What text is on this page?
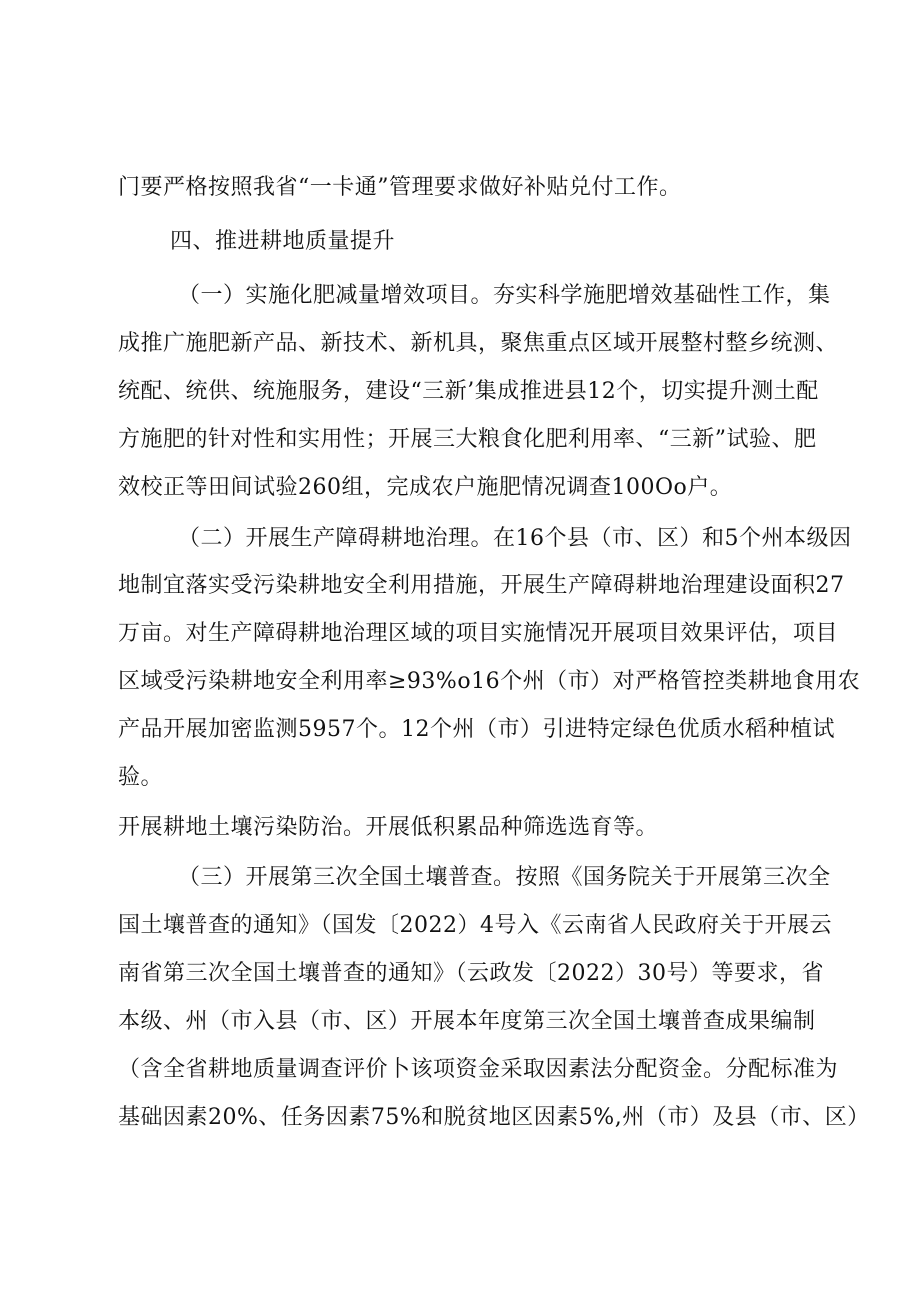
门要严格按照我省“一卡通”管理要求做好补贴兑付工作。
四、推进耕地质量提升
（一）实施化肥减量增效项目。夯实科学施肥增效基础性工作，集
成推广施肥新产品、新技术、新机具，聚焦重点区域开展整村整乡统测、
统配、统供、统施服务，建设“三新’集成推进县12个，切实提升测土配
方施肥的针对性和实用性；开展三大粮食化肥利用率、“三新”试验、肥
效校正等田间试验260组，完成农户施肥情况调查100Oo户。
（二）开展生产障碍耕地治理。在16个县（市、区）和5个州本级因
地制宜落实受污染耕地安全利用措施，开展生产障碍耕地治理建设面积27
万亩。对生产障碍耕地治理区域的项目实施情况开展项目效果评估，项目
区域受污染耕地安全利用率≥93%o16个州（市）对严格管控类耕地食用农
产品开展加密监测5957个。12个州（市）引进特定绿色优质水稻种植试
验。
开展耕地土壤污染防治。开展低积累品种筛选选育等。
（三）开展第三次全国土壤普查。按照《国务院关于开展第三次全
国土壤普查的通知》（国发〔2022）4号入《云南省人民政府关于开展云
南省第三次全国土壤普查的通知》（云政发〔2022）30号）等要求，省
本级、州（市入县（市、区）开展本年度第三次全国土壤普查成果编制
（含全省耕地质量调查评价卜该项资金采取因素法分配资金。分配标准为
基础因素20%、任务因素75%和脱贫地区因素5%,州（市）及县（市、区）
